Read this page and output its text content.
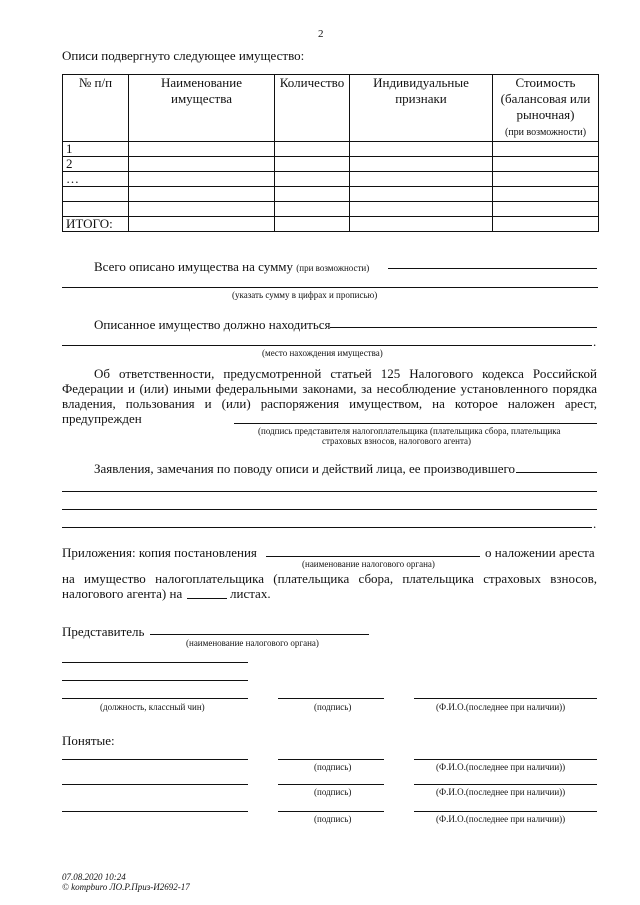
2
Описи подвергнуто следующее имущество:
№ п/п	Наименование имущества	Количество	Индивидуальные признаки	Стоимость (балансовая или рыночная)
(при возможности)
1				
2				
…				

ИТОГО:				
Всего описано имущества на сумму (при возможности)
(указать сумму в цифрах и прописью)
Описанное имущество должно находиться
.
(место нахождения имущества)
Об ответственности, предусмотренной статьей 125 Налогового кодекса Российской
Федерации и (или) иными федеральными законами, за несоблюдение установленного порядка
владения, пользования и (или) распоряжения имуществом, на которое наложен арест,
предупрежден
(подпись представителя налогоплательщика (плательщика сбора, плательщика
страховых взносов, налогового агента)
Заявления, замечания по поводу описи и действий лица, ее производившего
.
Приложения: копия постановления
(наименование налогового органа)
о наложении ареста
на имущество налогоплательщика (плательщика сбора, плательщика страховых взносов,
налогового агента) на	листах.
Представитель
(наименование налогового органа)
(должность, классный чин)	(подпись)	(Ф.И.О.(последнее при наличии))
Понятые:
(подпись)	(Ф.И.О.(последнее при наличии))
(подпись)	(Ф.И.О.(последнее при наличии))
(подпись)	(Ф.И.О.(последнее при наличии))
07.08.2020 10:24
© kompburo ЛО.Р.Приз-И2692-17
